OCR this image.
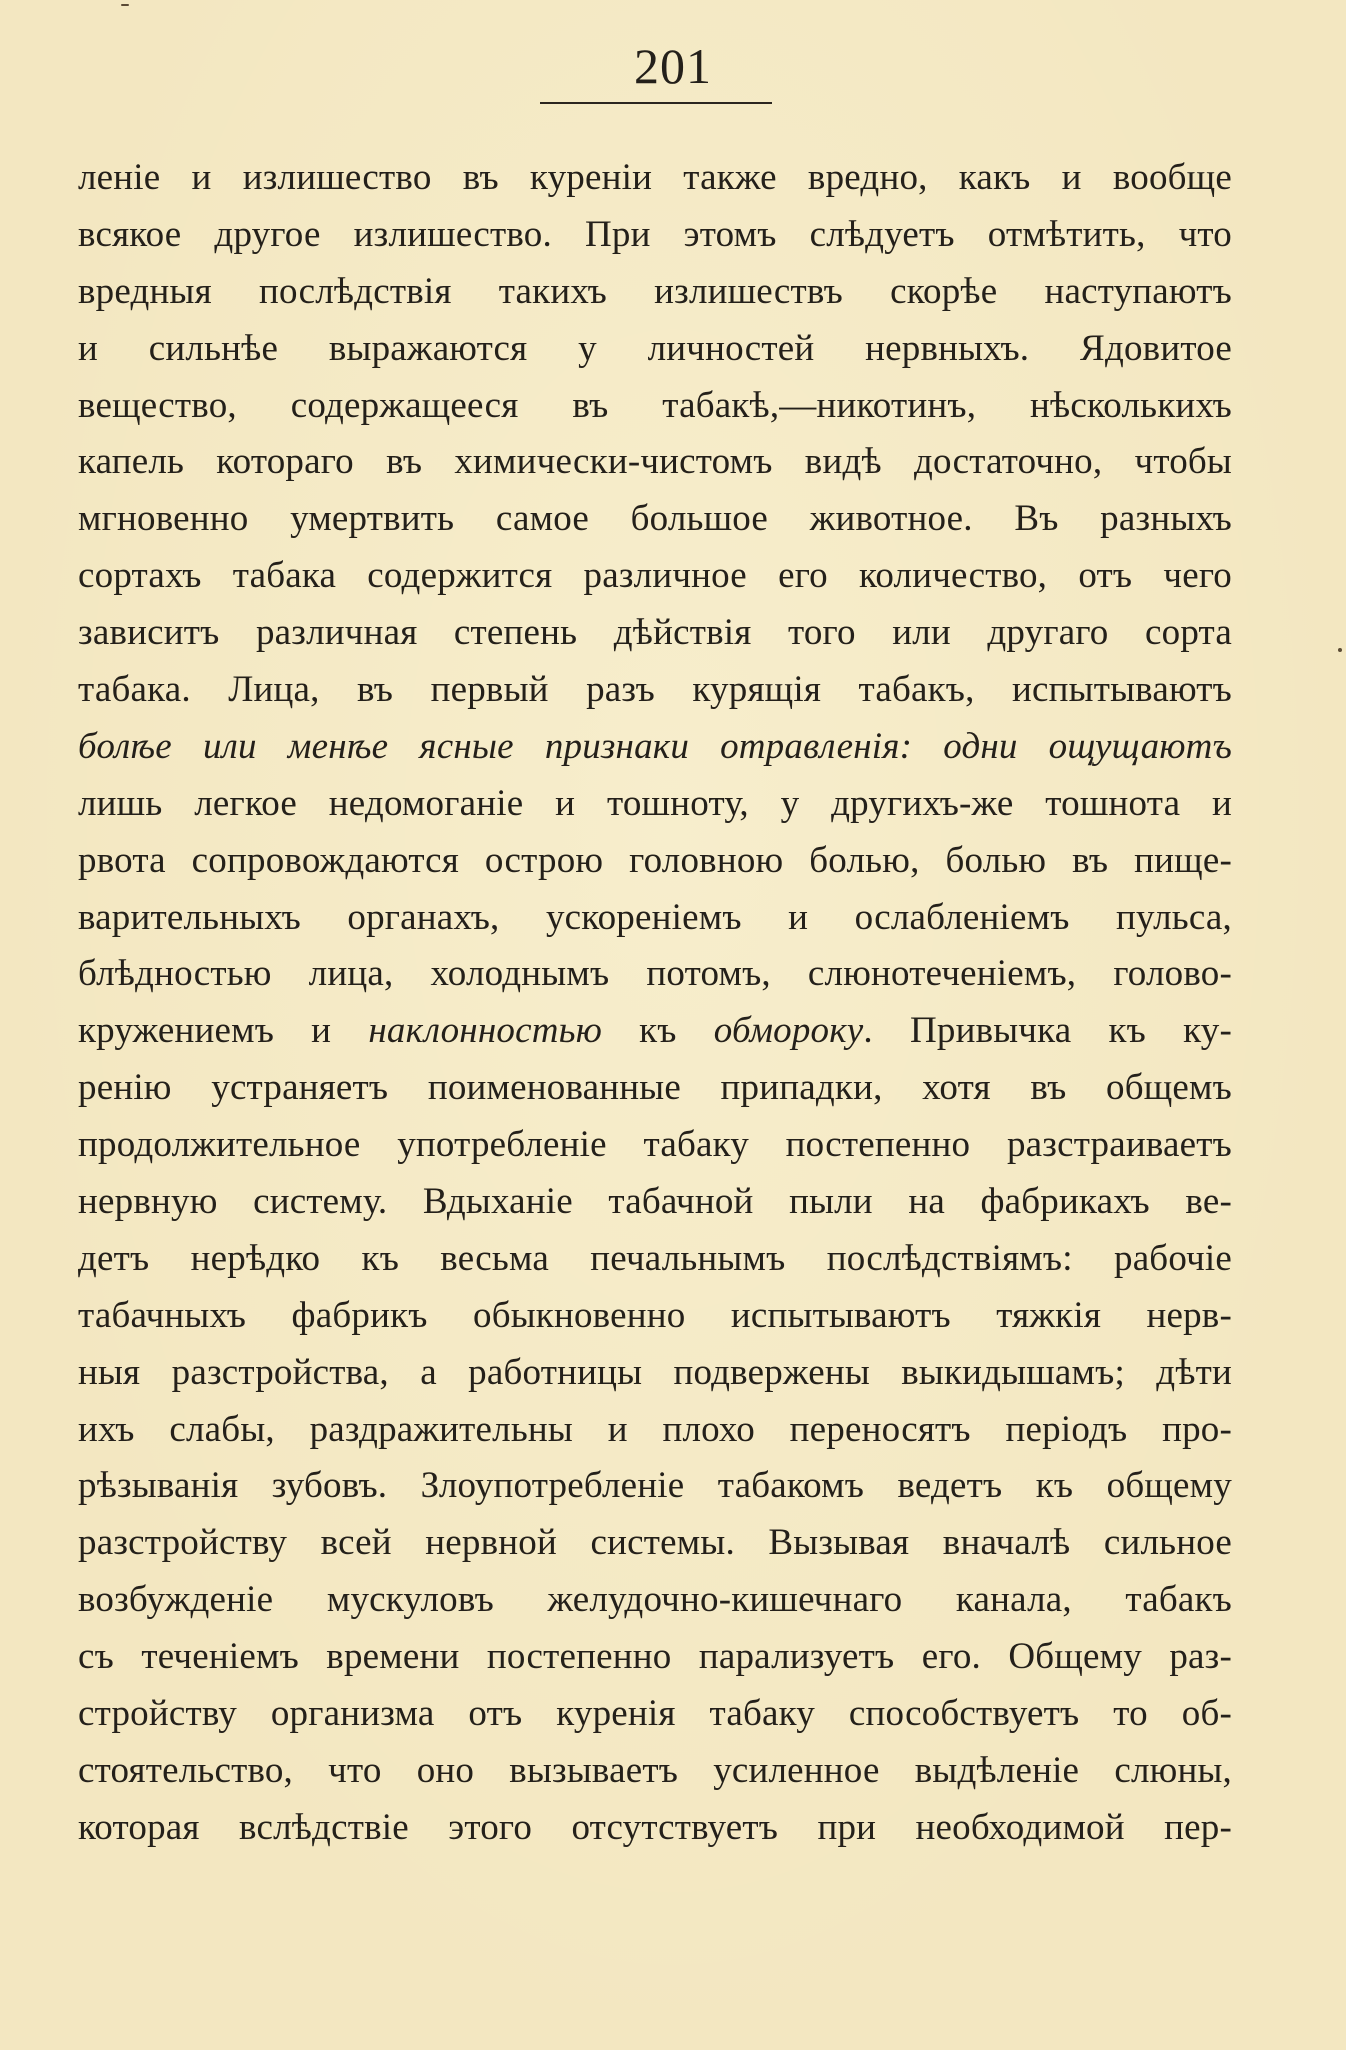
201
леніе и излишество въ куреніи также вредно, какъ и вообще
всякое другое излишество. При этомъ слѣдуетъ отмѣтить, что
вредныя послѣдствія такихъ излишествъ скорѣе наступаютъ
и сильнѣе выражаются у личностей нервныхъ. Ядовитое
вещество, содержащееся въ табакѣ,—никотинъ, нѣсколькихъ
капель котораго въ химически-чистомъ видѣ достаточно, чтобы
мгновенно умертвить самое большое животное. Въ разныхъ
сортахъ табака содержится различное его количество, отъ чего
зависитъ различная степень дѣйствія того или другаго сорта
табака. Лица, въ первый разъ курящія табакъ, испытываютъ
болѣе или менѣе ясные признаки отравленія: одни ощущаютъ
лишь легкое недомоганіе и тошноту, у другихъ-же тошнота и
рвота сопровождаются острою головною болью, болью въ пище-
варительныхъ органахъ, ускореніемъ и ослабленіемъ пульса,
блѣдностью лица, холоднымъ потомъ, слюнотеченіемъ, голово-
кружениемъ и наклонностью къ обмороку. Привычка къ ку-
ренію устраняетъ поименованные припадки, хотя въ общемъ
продолжительное употребленіе табаку постепенно разстраиваетъ
нервную систему. Вдыханіе табачной пыли на фабрикахъ ве-
детъ нерѣдко къ весьма печальнымъ послѣдствіямъ: рабочіе
табачныхъ фабрикъ обыкновенно испытываютъ тяжкія нерв-
ныя разстройства, а работницы подвержены выкидышамъ; дѣти
ихъ слабы, раздражительны и плохо переносятъ періодъ про-
рѣзыванія зубовъ. Злоупотребленіе табакомъ ведетъ къ общему
разстройству всей нервной системы. Вызывая вначалѣ сильное
возбужденіе мускуловъ желудочно-кишечнаго канала, табакъ
съ теченіемъ времени постепенно парализуетъ его. Общему раз-
стройству организма отъ куренія табаку способствуетъ то об-
стоятельство, что оно вызываетъ усиленное выдѣленіе слюны,
которая вслѣдствіе этого отсутствуетъ при необходимой пер-
